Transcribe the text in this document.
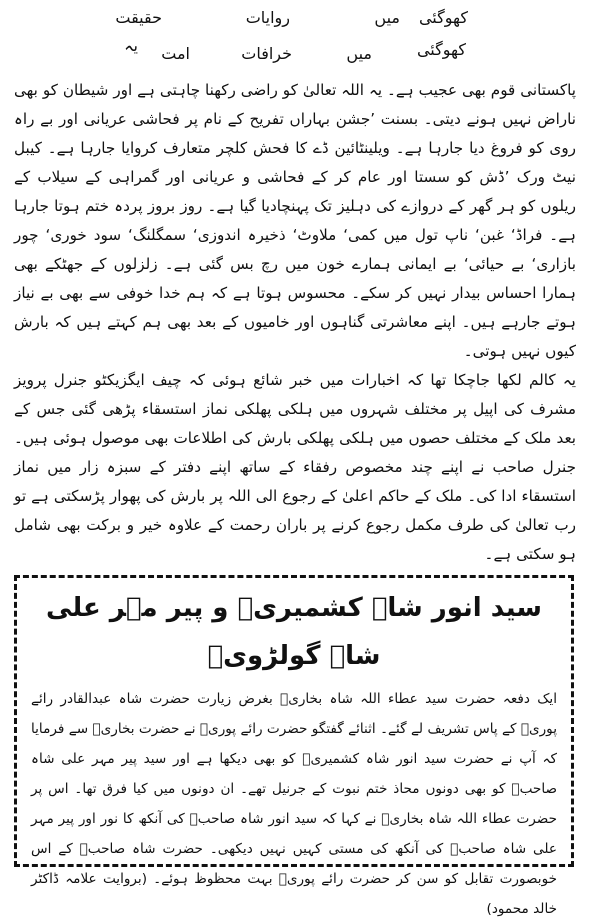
حقیقت	روایات	میں کھوگئی
یہ امت	خرافات	میں	کھوگئی

پاکستانی قوم بھی عجیب ہے۔ یہ اللہ تعالیٰ کو راضی رکھنا چاہتی ہے اور شیطان کو بھی ناراض نہیں ہونے دیتی۔ بسنت ’جشن بہاراں تفریح کے نام پر فحاشی عریانی اور بے راہ روی کو فروغ دیا جارہا ہے۔ ویلینٹائین ڈے کا فحش کلچر متعارف کروایا جارہا ہے۔ کیبل نیٹ ورک ’ڈش کو سستا اور عام کر کے فحاشی و عریانی اور گمراہی کے سیلاب کے ریلوں کو ہر گھر کے دروازے کی دہلیز تک پہنچادیا گیا ہے۔ روز بروز پردہ ختم ہوتا جارہا ہے۔ فراڈ‘ غبن‘ ناپ تول میں کمی‘ ملاوٹ‘ ذخیرہ اندوزی‘ سمگلنگ‘ سود خوری‘ چور بازاری‘ بے حیائی‘ بے ایمانی ہمارے خون میں رچ بس گئی ہے۔ زلزلوں کے جھٹکے بھی ہمارا احساس بیدار نہیں کر سکے۔ محسوس ہوتا ہے کہ ہم خدا خوفی سے بھی بے نیاز ہوتے جارہے ہیں۔ اپنے معاشرتی گناہوں اور خامیوں کے بعد بھی ہم کہتے ہیں کہ بارش کیوں نہیں ہوتی۔

یہ کالم لکھا جاچکا تھا کہ اخبارات میں خبر شائع ہوئی کہ چیف ایگزیکٹو جنرل پرویز مشرف کی اپیل پر مختلف شہروں میں ہلکی پھلکی نماز استسقاء پڑھی گئی جس کے بعد ملک کے مختلف حصوں میں ہلکی پھلکی بارش کی اطلاعات بھی موصول ہوئی ہیں۔ جنرل صاحب نے اپنے چند مخصوص رفقاء کے ساتھ اپنے دفتر کے سبزہ زار میں نماز استسقاء ادا کی۔ ملک کے حاکم اعلیٰ کے رجوع الی اللہ پر بارش کی پھوار پڑسکتی ہے تو رب تعالیٰ کی طرف مکمل رجوع کرنے پر باران رحمت کے علاوہ خیر و برکت بھی شامل ہو سکتی ہے۔

سید انور شاہ کشمیریؒ و پیر مہر علی شاہ گولڑویؒ

ایک دفعہ حضرت سید عطاء اللہ شاہ بخاریؒ بغرض زیارت حضرت شاہ عبدالقادر رائے پوریؒ کے پاس تشریف لے گئے۔ اثنائے گفتگو حضرت رائے پوریؒ نے حضرت بخاریؒ سے فرمایا کہ آپ نے حضرت سید انور شاہ کشمیریؒ کو بھی دیکھا ہے اور سید پیر مہر علی شاہ صاحبؒ کو بھی دونوں محاذ ختم نبوت کے جرنیل تھے۔ ان دونوں میں کیا فرق تھا۔ اس پر حضرت عطاء اللہ شاہ بخاریؒ نے کہا کہ سید انور شاہ صاحبؒ کی آنکھ کا نور اور پیر مہر علی شاہ صاحبؒ کی آنکھ کی مستی کہیں نہیں دیکھی۔ حضرت شاہ صاحبؒ کے اس خوبصورت تقابل کو سن کر حضرت رائے پوریؒ بہت محظوظ ہوئے۔ (بروایت علامہ ڈاکٹر خالد محمود)
